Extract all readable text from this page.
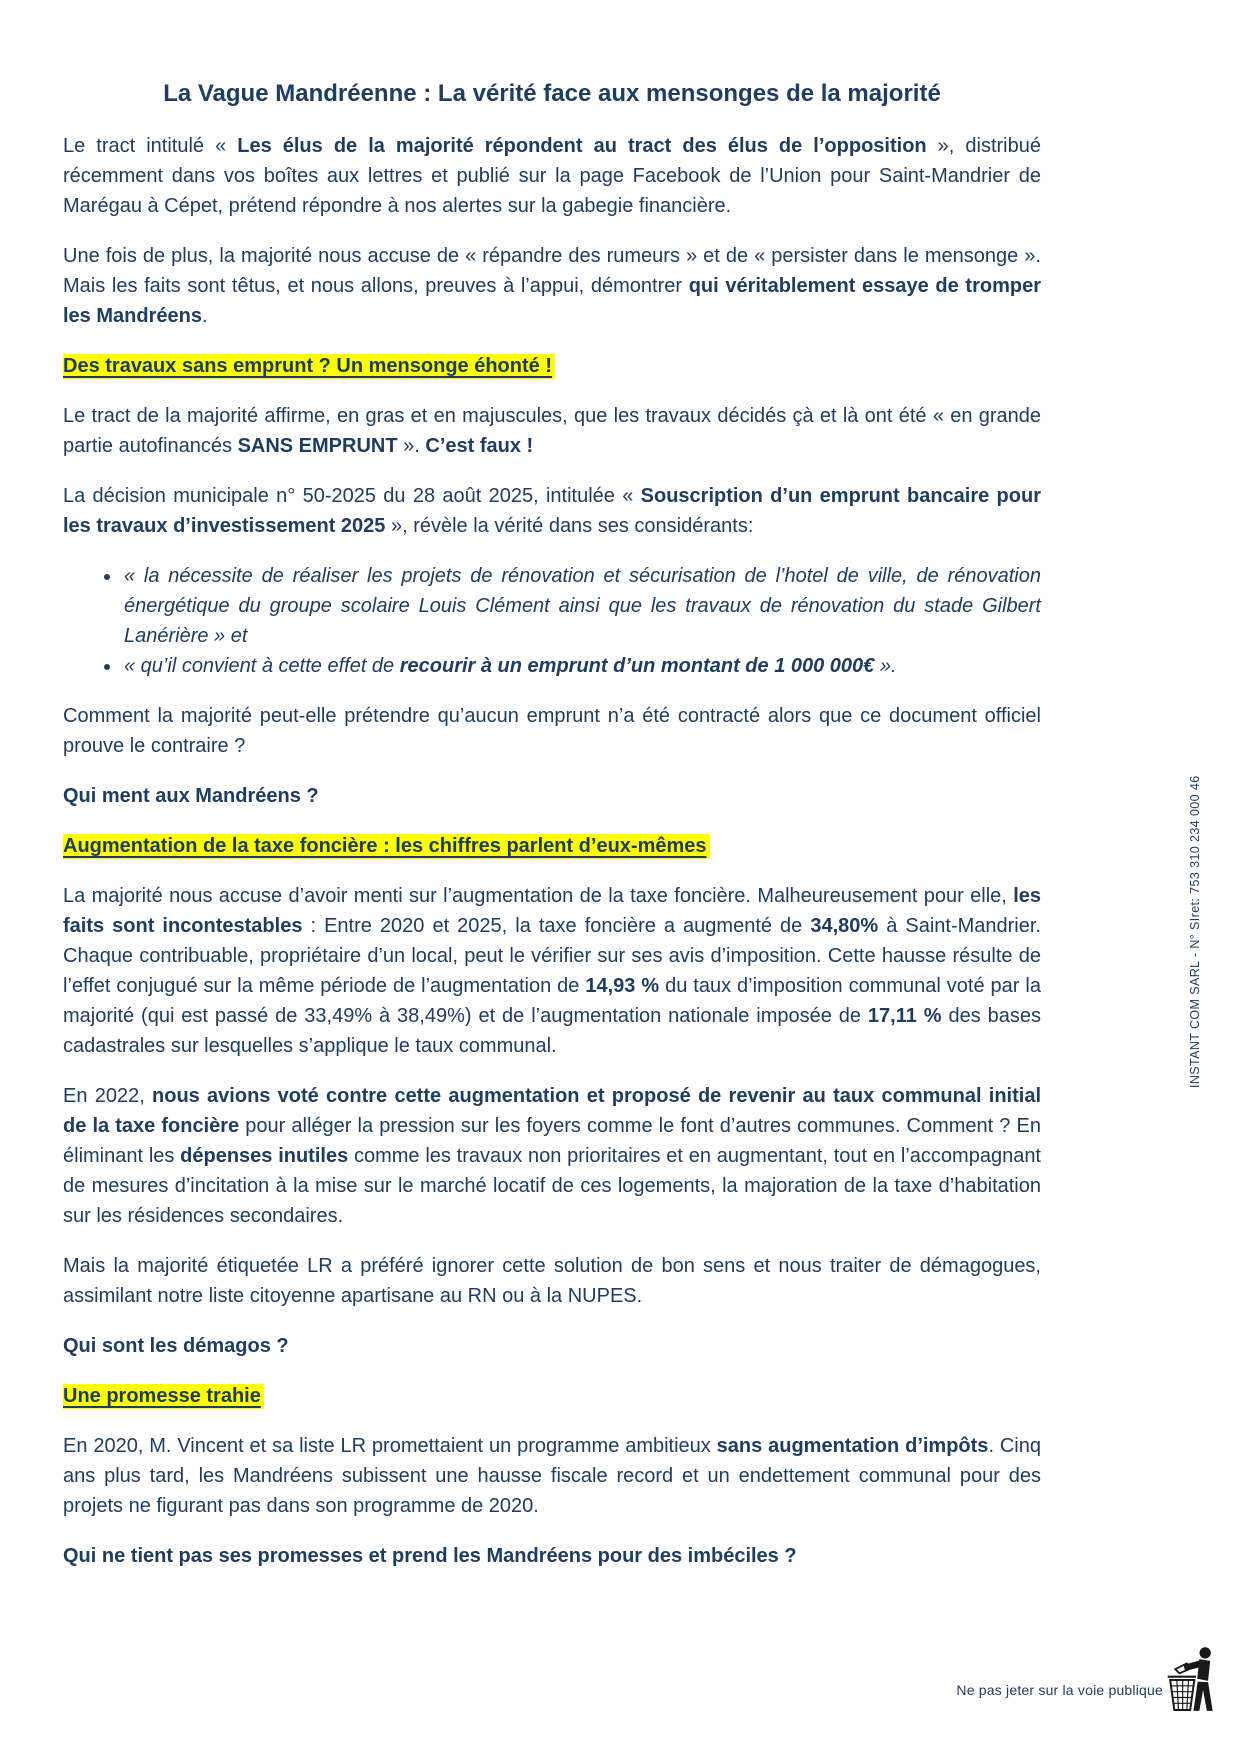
La Vague Mandréenne : La vérité face aux mensonges de la majorité

Le tract intitulé « Les élus de la majorité répondent au tract des élus de l’opposition », distribué récemment dans vos boîtes aux lettres et publié sur la page Facebook de l’Union pour Saint-Mandrier de Marégau à Cépet, prétend répondre à nos alertes sur la gabegie financière.

Une fois de plus, la majorité nous accuse de « répandre des rumeurs » et de « persister dans le mensonge ». Mais les faits sont têtus, et nous allons, preuves à l’appui, démontrer qui véritablement essaye de tromper les Mandréens.

Des travaux sans emprunt ? Un mensonge éhonté !

Le tract de la majorité affirme, en gras et en majuscules, que les travaux décidés çà et là ont été « en grande partie autofinancés SANS EMPRUNT ». C’est faux !

La décision municipale n° 50-2025 du 28 août 2025, intitulée « Souscription d’un emprunt bancaire pour les travaux d’investissement 2025 », révèle la vérité dans ses considérants:

• « la nécessite de réaliser les projets de rénovation et sécurisation de l’hotel de ville, de rénovation énergétique du groupe scolaire Louis Clément ainsi que les travaux de rénovation du stade Gilbert Lanérière » et
• « qu’il convient à cette effet de recourir à un emprunt d’un montant de 1 000 000€ ».

Comment la majorité peut-elle prétendre qu’aucun emprunt n’a été contracté alors que ce document officiel prouve le contraire ?

Qui ment aux Mandréens ?

Augmentation de la taxe foncière : les chiffres parlent d’eux-mêmes

La majorité nous accuse d’avoir menti sur l’augmentation de la taxe foncière. Malheureusement pour elle, les faits sont incontestables : Entre 2020 et 2025, la taxe foncière a augmenté de 34,80% à Saint-Mandrier. Chaque contribuable, propriétaire d’un local, peut le vérifier sur ses avis d’imposition. Cette hausse résulte de l’effet conjugué sur la même période de l’augmentation de 14,93 % du taux d’imposition communal voté par la majorité (qui est passé de 33,49% à 38,49%) et de l’augmentation nationale imposée de 17,11 % des bases cadastrales sur lesquelles s’applique le taux communal.

En 2022, nous avions voté contre cette augmentation et proposé de revenir au taux communal initial de la taxe foncière pour alléger la pression sur les foyers comme le font d’autres communes. Comment ? En éliminant les dépenses inutiles comme les travaux non prioritaires et en augmentant, tout en l’accompagnant de mesures d’incitation à la mise sur le marché locatif de ces logements, la majoration de la taxe d’habitation sur les résidences secondaires.

Mais la majorité étiquetée LR a préféré ignorer cette solution de bon sens et nous traiter de démagogues, assimilant notre liste citoyenne apartisane au RN ou à la NUPES.

Qui sont les démagos ?

Une promesse trahie

En 2020, M. Vincent et sa liste LR promettaient un programme ambitieux sans augmentation d’impôts. Cinq ans plus tard, les Mandréens subissent une hausse fiscale record et un endettement communal pour des projets ne figurant pas dans son programme de 2020.

Qui ne tient pas ses promesses et prend les Mandréens pour des imbéciles ?

INSTANT COM SARL - N° SIret: 753 310 234 000 46
Ne pas jeter sur la voie publique
